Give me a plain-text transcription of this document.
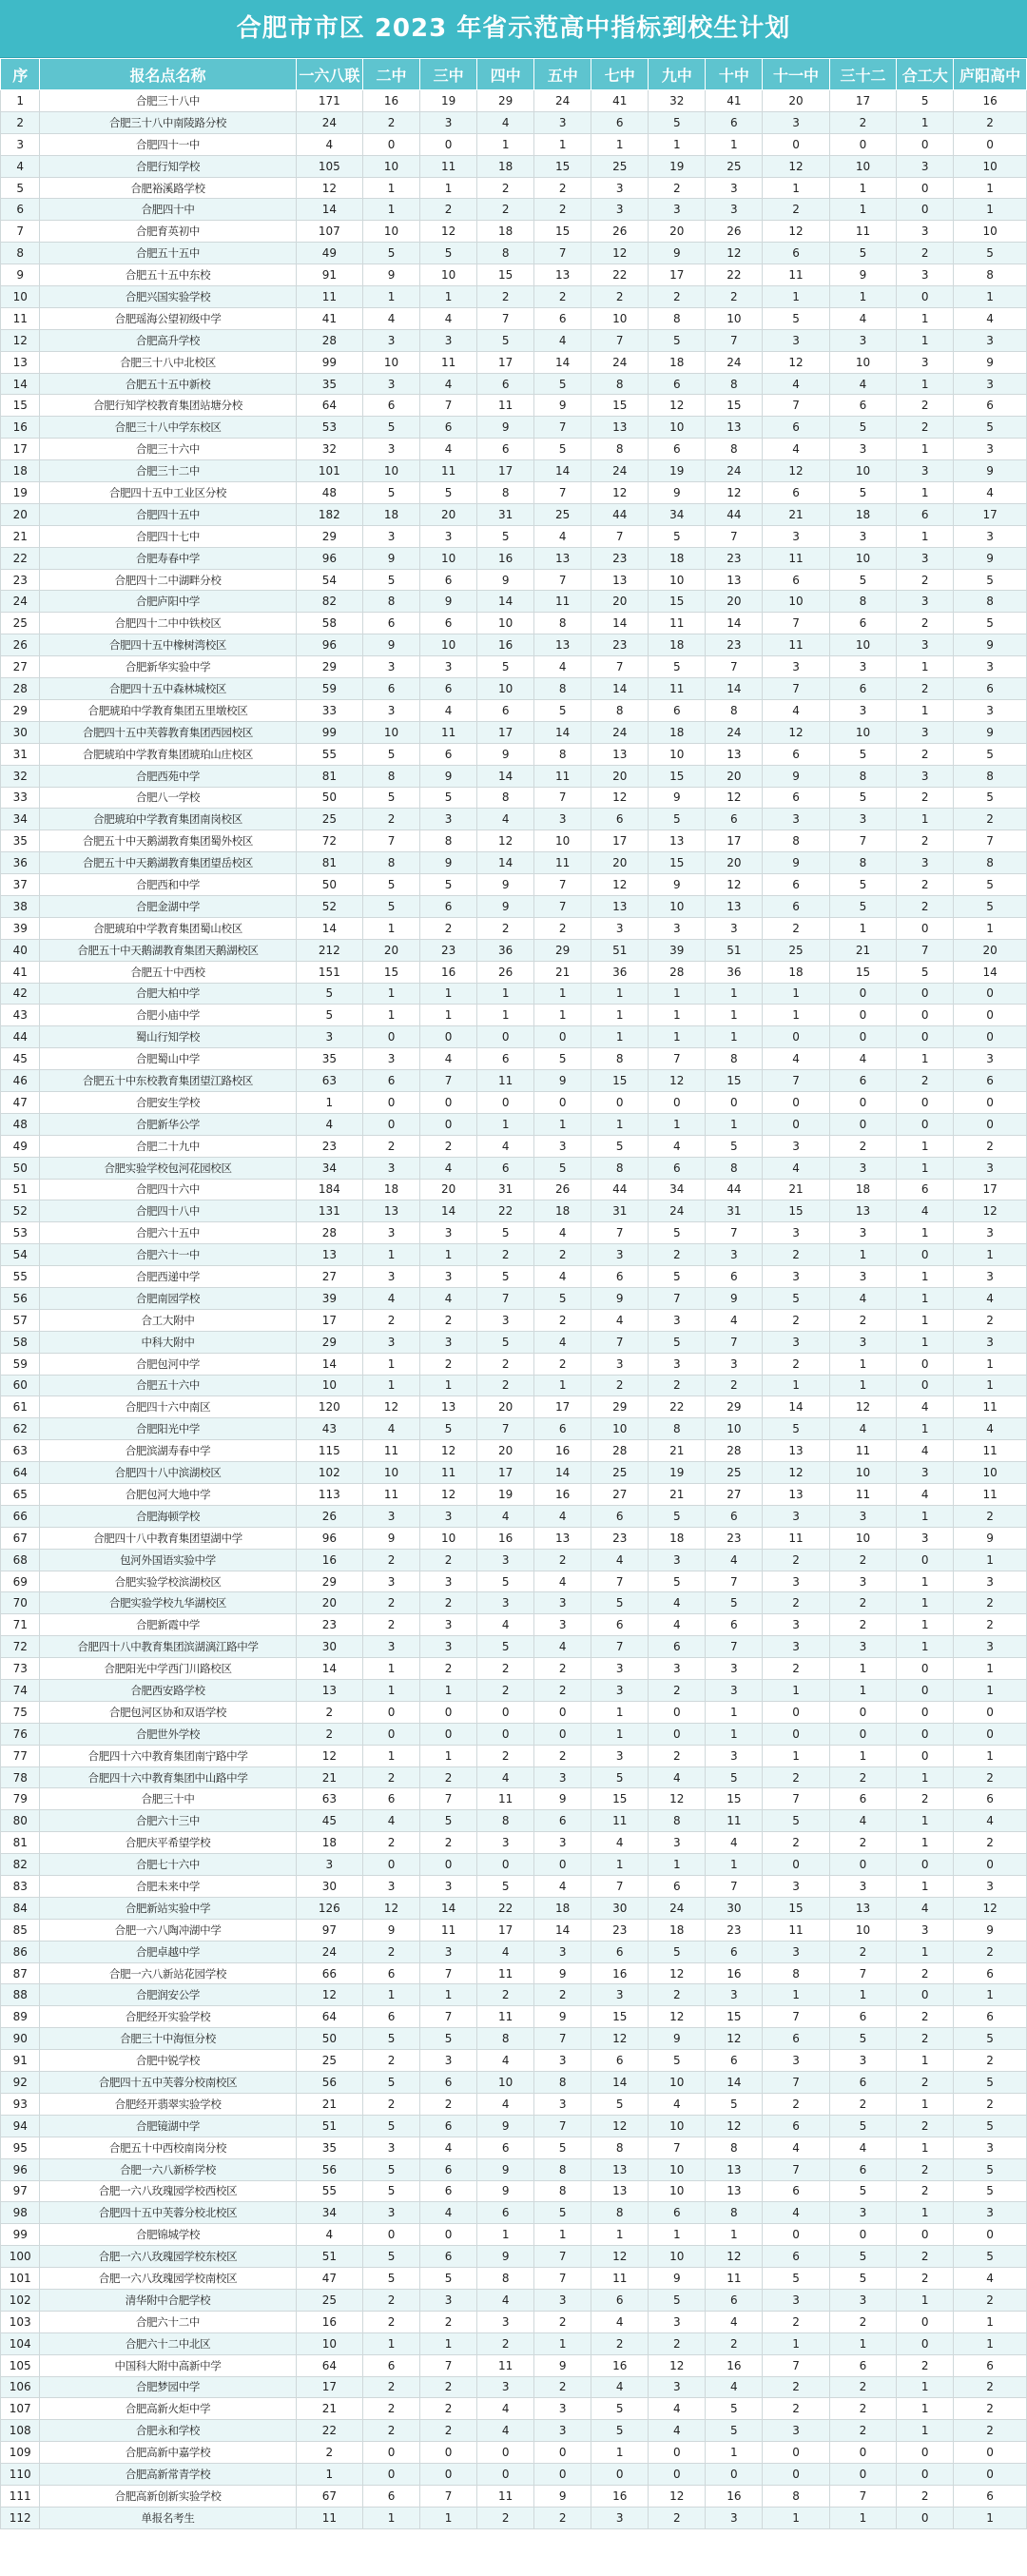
合肥市市区 2023 年省示范高中指标到校生计划
序	报名点名称	一六八联	二中	三中	四中	五中	七中	九中	十中	十一中	三十二	合工大	庐阳高中
1	合肥三十八中	171	16	19	29	24	41	32	41	20	17	5	16
2	合肥三十八中南陵路分校	24	2	3	4	3	6	5	6	3	2	1	2
3	合肥四十一中	4	0	0	1	1	1	1	1	0	0	0	0
4	合肥行知学校	105	10	11	18	15	25	19	25	12	10	3	10
5	合肥裕溪路学校	12	1	1	2	2	3	2	3	1	1	0	1
6	合肥四十中	14	1	2	2	2	3	3	3	2	1	0	1
7	合肥育英初中	107	10	12	18	15	26	20	26	12	11	3	10
8	合肥五十五中	49	5	5	8	7	12	9	12	6	5	2	5
9	合肥五十五中东校	91	9	10	15	13	22	17	22	11	9	3	8
10	合肥兴国实验学校	11	1	1	2	2	2	2	2	1	1	0	1
11	合肥瑶海公望初级中学	41	4	4	7	6	10	8	10	5	4	1	4
12	合肥高升学校	28	3	3	5	4	7	5	7	3	3	1	3
13	合肥三十八中北校区	99	10	11	17	14	24	18	24	12	10	3	9
14	合肥五十五中新校	35	3	4	6	5	8	6	8	4	4	1	3
15	合肥行知学校教育集团站塘分校	64	6	7	11	9	15	12	15	7	6	2	6
16	合肥三十八中学东校区	53	5	6	9	7	13	10	13	6	5	2	5
17	合肥三十六中	32	3	4	6	5	8	6	8	4	3	1	3
18	合肥三十二中	101	10	11	17	14	24	19	24	12	10	3	9
19	合肥四十五中工业区分校	48	5	5	8	7	12	9	12	6	5	1	4
20	合肥四十五中	182	18	20	31	25	44	34	44	21	18	6	17
21	合肥四十七中	29	3	3	5	4	7	5	7	3	3	1	3
22	合肥寿春中学	96	9	10	16	13	23	18	23	11	10	3	9
23	合肥四十二中湖畔分校	54	5	6	9	7	13	10	13	6	5	2	5
24	合肥庐阳中学	82	8	9	14	11	20	15	20	10	8	3	8
25	合肥四十二中中铁校区	58	6	6	10	8	14	11	14	7	6	2	5
26	合肥四十五中橡树湾校区	96	9	10	16	13	23	18	23	11	10	3	9
27	合肥新华实验中学	29	3	3	5	4	7	5	7	3	3	1	3
28	合肥四十五中森林城校区	59	6	6	10	8	14	11	14	7	6	2	6
29	合肥琥珀中学教育集团五里墩校区	33	3	4	6	5	8	6	8	4	3	1	3
30	合肥四十五中芙蓉教育集团西园校区	99	10	11	17	14	24	18	24	12	10	3	9
31	合肥琥珀中学教育集团琥珀山庄校区	55	5	6	9	8	13	10	13	6	5	2	5
32	合肥西苑中学	81	8	9	14	11	20	15	20	9	8	3	8
33	合肥八一学校	50	5	5	8	7	12	9	12	6	5	2	5
34	合肥琥珀中学教育集团南岗校区	25	2	3	4	3	6	5	6	3	3	1	2
35	合肥五十中天鹅湖教育集团蜀外校区	72	7	8	12	10	17	13	17	8	7	2	7
36	合肥五十中天鹅湖教育集团望岳校区	81	8	9	14	11	20	15	20	9	8	3	8
37	合肥西和中学	50	5	5	9	7	12	9	12	6	5	2	5
38	合肥金湖中学	52	5	6	9	7	13	10	13	6	5	2	5
39	合肥琥珀中学教育集团蜀山校区	14	1	2	2	2	3	3	3	2	1	0	1
40	合肥五十中天鹅湖教育集团天鹅湖校区	212	20	23	36	29	51	39	51	25	21	7	20
41	合肥五十中西校	151	15	16	26	21	36	28	36	18	15	5	14
42	合肥大柏中学	5	1	1	1	1	1	1	1	1	0	0	0
43	合肥小庙中学	5	1	1	1	1	1	1	1	1	0	0	0
44	蜀山行知学校	3	0	0	0	0	1	1	1	0	0	0	0
45	合肥蜀山中学	35	3	4	6	5	8	7	8	4	4	1	3
46	合肥五十中东校教育集团望江路校区	63	6	7	11	9	15	12	15	7	6	2	6
47	合肥安生学校	1	0	0	0	0	0	0	0	0	0	0	0
48	合肥新华公学	4	0	0	1	1	1	1	1	0	0	0	0
49	合肥二十九中	23	2	2	4	3	5	4	5	3	2	1	2
50	合肥实验学校包河花园校区	34	3	4	6	5	8	6	8	4	3	1	3
51	合肥四十六中	184	18	20	31	26	44	34	44	21	18	6	17
52	合肥四十八中	131	13	14	22	18	31	24	31	15	13	4	12
53	合肥六十五中	28	3	3	5	4	7	5	7	3	3	1	3
54	合肥六十一中	13	1	1	2	2	3	2	3	2	1	0	1
55	合肥西递中学	27	3	3	5	4	6	5	6	3	3	1	3
56	合肥南园学校	39	4	4	7	5	9	7	9	5	4	1	4
57	合工大附中	17	2	2	3	2	4	3	4	2	2	1	2
58	中科大附中	29	3	3	5	4	7	5	7	3	3	1	3
59	合肥包河中学	14	1	2	2	2	3	3	3	2	1	0	1
60	合肥五十六中	10	1	1	2	1	2	2	2	1	1	0	1
61	合肥四十六中南区	120	12	13	20	17	29	22	29	14	12	4	11
62	合肥阳光中学	43	4	5	7	6	10	8	10	5	4	1	4
63	合肥滨湖寿春中学	115	11	12	20	16	28	21	28	13	11	4	11
64	合肥四十八中滨湖校区	102	10	11	17	14	25	19	25	12	10	3	10
65	合肥包河大地中学	113	11	12	19	16	27	21	27	13	11	4	11
66	合肥海顿学校	26	3	3	4	4	6	5	6	3	3	1	2
67	合肥四十八中教育集团望湖中学	96	9	10	16	13	23	18	23	11	10	3	9
68	包河外国语实验中学	16	2	2	3	2	4	3	4	2	2	0	1
69	合肥实验学校滨湖校区	29	3	3	5	4	7	5	7	3	3	1	3
70	合肥实验学校九华湖校区	20	2	2	3	3	5	4	5	2	2	1	2
71	合肥新霞中学	23	2	3	4	3	6	4	6	3	2	1	2
72	合肥四十八中教育集团滨湖漓江路中学	30	3	3	5	4	7	6	7	3	3	1	3
73	合肥阳光中学西门川路校区	14	1	2	2	2	3	3	3	2	1	0	1
74	合肥西安路学校	13	1	1	2	2	3	2	3	1	1	0	1
75	合肥包河区协和双语学校	2	0	0	0	0	1	0	1	0	0	0	0
76	合肥世外学校	2	0	0	0	0	1	0	1	0	0	0	0
77	合肥四十六中教育集团南宁路中学	12	1	1	2	2	3	2	3	1	1	0	1
78	合肥四十六中教育集团中山路中学	21	2	2	4	3	5	4	5	2	2	1	2
79	合肥三十中	63	6	7	11	9	15	12	15	7	6	2	6
80	合肥六十三中	45	4	5	8	6	11	8	11	5	4	1	4
81	合肥庆平希望学校	18	2	2	3	3	4	3	4	2	2	1	2
82	合肥七十六中	3	0	0	0	0	1	1	1	0	0	0	0
83	合肥未来中学	30	3	3	5	4	7	6	7	3	3	1	3
84	合肥新站实验中学	126	12	14	22	18	30	24	30	15	13	4	12
85	合肥一六八陶冲湖中学	97	9	11	17	14	23	18	23	11	10	3	9
86	合肥卓越中学	24	2	3	4	3	6	5	6	3	2	1	2
87	合肥一六八新站花园学校	66	6	7	11	9	16	12	16	8	7	2	6
88	合肥润安公学	12	1	1	2	2	3	2	3	1	1	0	1
89	合肥经开实验学校	64	6	7	11	9	15	12	15	7	6	2	6
90	合肥三十中海恒分校	50	5	5	8	7	12	9	12	6	5	2	5
91	合肥中锐学校	25	2	3	4	3	6	5	6	3	3	1	2
92	合肥四十五中芙蓉分校南校区	56	5	6	10	8	14	10	14	7	6	2	5
93	合肥经开翡翠实验学校	21	2	2	4	3	5	4	5	2	2	1	2
94	合肥镜湖中学	51	5	6	9	7	12	10	12	6	5	2	5
95	合肥五十中西校南岗分校	35	3	4	6	5	8	7	8	4	4	1	3
96	合肥一六八新桥学校	56	5	6	9	8	13	10	13	7	6	2	5
97	合肥一六八玫瑰园学校西校区	55	5	6	9	8	13	10	13	6	5	2	5
98	合肥四十五中芙蓉分校北校区	34	3	4	6	5	8	6	8	4	3	1	3
99	合肥锦城学校	4	0	0	1	1	1	1	1	0	0	0	0
100	合肥一六八玫瑰园学校东校区	51	5	6	9	7	12	10	12	6	5	2	5
101	合肥一六八玫瑰园学校南校区	47	5	5	8	7	11	9	11	5	5	2	4
102	清华附中合肥学校	25	2	3	4	3	6	5	6	3	3	1	2
103	合肥六十二中	16	2	2	3	2	4	3	4	2	2	0	1
104	合肥六十二中北区	10	1	1	2	1	2	2	2	1	1	0	1
105	中国科大附中高新中学	64	6	7	11	9	16	12	16	7	6	2	6
106	合肥梦园中学	17	2	2	3	2	4	3	4	2	2	1	2
107	合肥高新火炬中学	21	2	2	4	3	5	4	5	2	2	1	2
108	合肥永和学校	22	2	2	4	3	5	4	5	3	2	1	2
109	合肥高新中嘉学校	2	0	0	0	0	1	0	1	0	0	0	0
110	合肥高新常青学校	1	0	0	0	0	0	0	0	0	0	0	0
111	合肥高新创新实验学校	67	6	7	11	9	16	12	16	8	7	2	6
112	单报名考生	11	1	1	2	2	3	2	3	1	1	0	1
